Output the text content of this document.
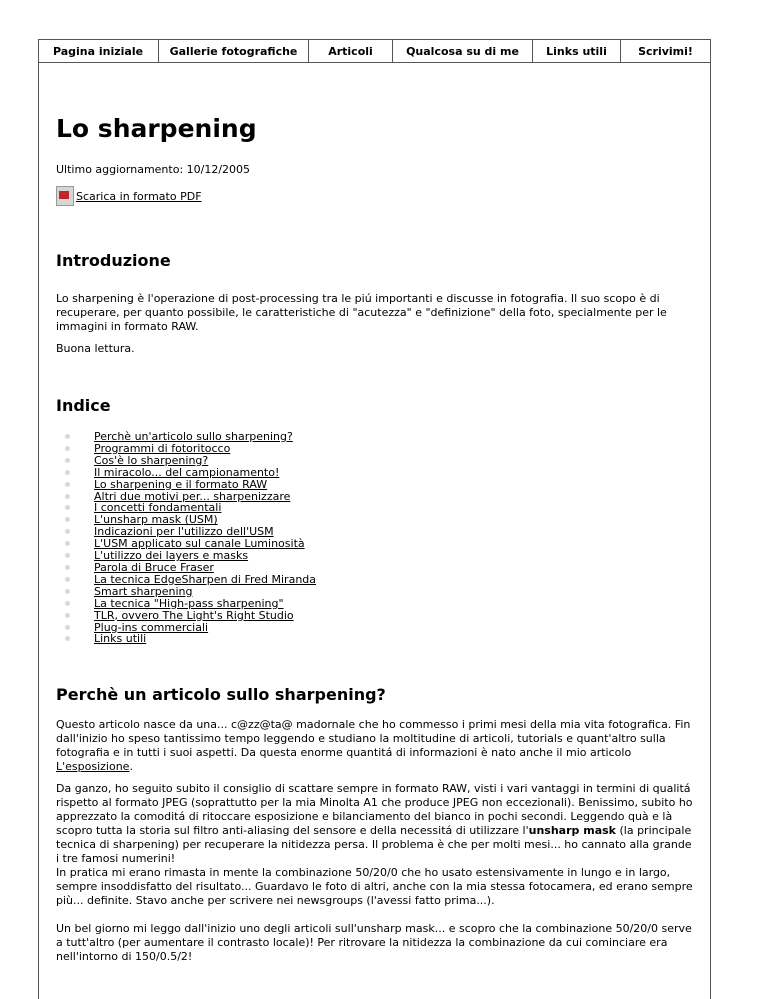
Pagina iniziale	Gallerie fotografiche	Articoli	Qualcosa su di me	Links utili	Scrivimi!
Lo sharpening
Ultimo aggiornamento: 10/12/2005
Scarica in formato PDF
Introduzione

Lo sharpening è l'operazione di post-processing tra le piú importanti e discusse in fotografia. Il suo scopo è di recuperare, per quanto possibile, le caratteristiche di "acutezza" e "definizione" della foto, specialmente per le immagini in formato RAW.

Buona lettura.

Indice
Perchè un'articolo sullo sharpening?
Programmi di fotoritocco
Cos'è lo sharpening?
Il miracolo... del campionamento!
Lo sharpening e il formato RAW
Altri due motivi per... sharpenizzare
I concetti fondamentali
L'unsharp mask (USM)
Indicazioni per l'utilizzo dell'USM
L'USM applicato sul canale Luminosità
L'utilizzo dei layers e masks
Parola di Bruce Fraser
La tecnica EdgeSharpen di Fred Miranda
Smart sharpening
La tecnica "High-pass sharpening"
TLR, ovvero The Light's Right Studio
Plug-ins commerciali
Links utili
Perchè un articolo sullo sharpening?

Questo articolo nasce da una... c@zz@ta@ madornale che ho commesso i primi mesi della mia vita fotografica. Fin dall'inizio ho speso tantissimo tempo leggendo e studiano la moltitudine di articoli, tutorials e quant'altro sulla fotografia e in tutti i suoi aspetti. Da questa enorme quantitá di informazioni è nato anche il mio articolo L'esposizione.

Da ganzo, ho seguito subito il consiglio di scattare sempre in formato RAW, visti i vari vantaggi in termini di qualitá rispetto al formato JPEG (soprattutto per la mia Minolta A1 che produce JPEG non eccezionali). Benissimo, subito ho apprezzato la comoditá di ritoccare esposizione e bilanciamento del bianco in pochi secondi. Leggendo quà e là scopro tutta la storia sul filtro anti-aliasing del sensore e della necessitá di utilizzare l'unsharp mask (la principale tecnica di sharpening) per recuperare la nitidezza persa. Il problema è che per molti mesi... ho cannato alla grande i tre famosi numerini!
In pratica mi erano rimasta in mente la combinazione 50/20/0 che ho usato estensivamente in lungo e in largo, sempre insoddisfatto del risultato... Guardavo le foto di altri, anche con la mia stessa fotocamera, ed erano sempre più... definite. Stavo anche per scrivere nei newsgroups (l'avessi fatto prima...).

Un bel giorno mi leggo dall'inizio uno degli articoli sull'unsharp mask... e scopro che la combinazione 50/20/0 serve a tutt'altro (per aumentare il contrasto locale)! Per ritrovare la nitidezza la combinazione da cui cominciare era nell'intorno di 150/0.5/2!
